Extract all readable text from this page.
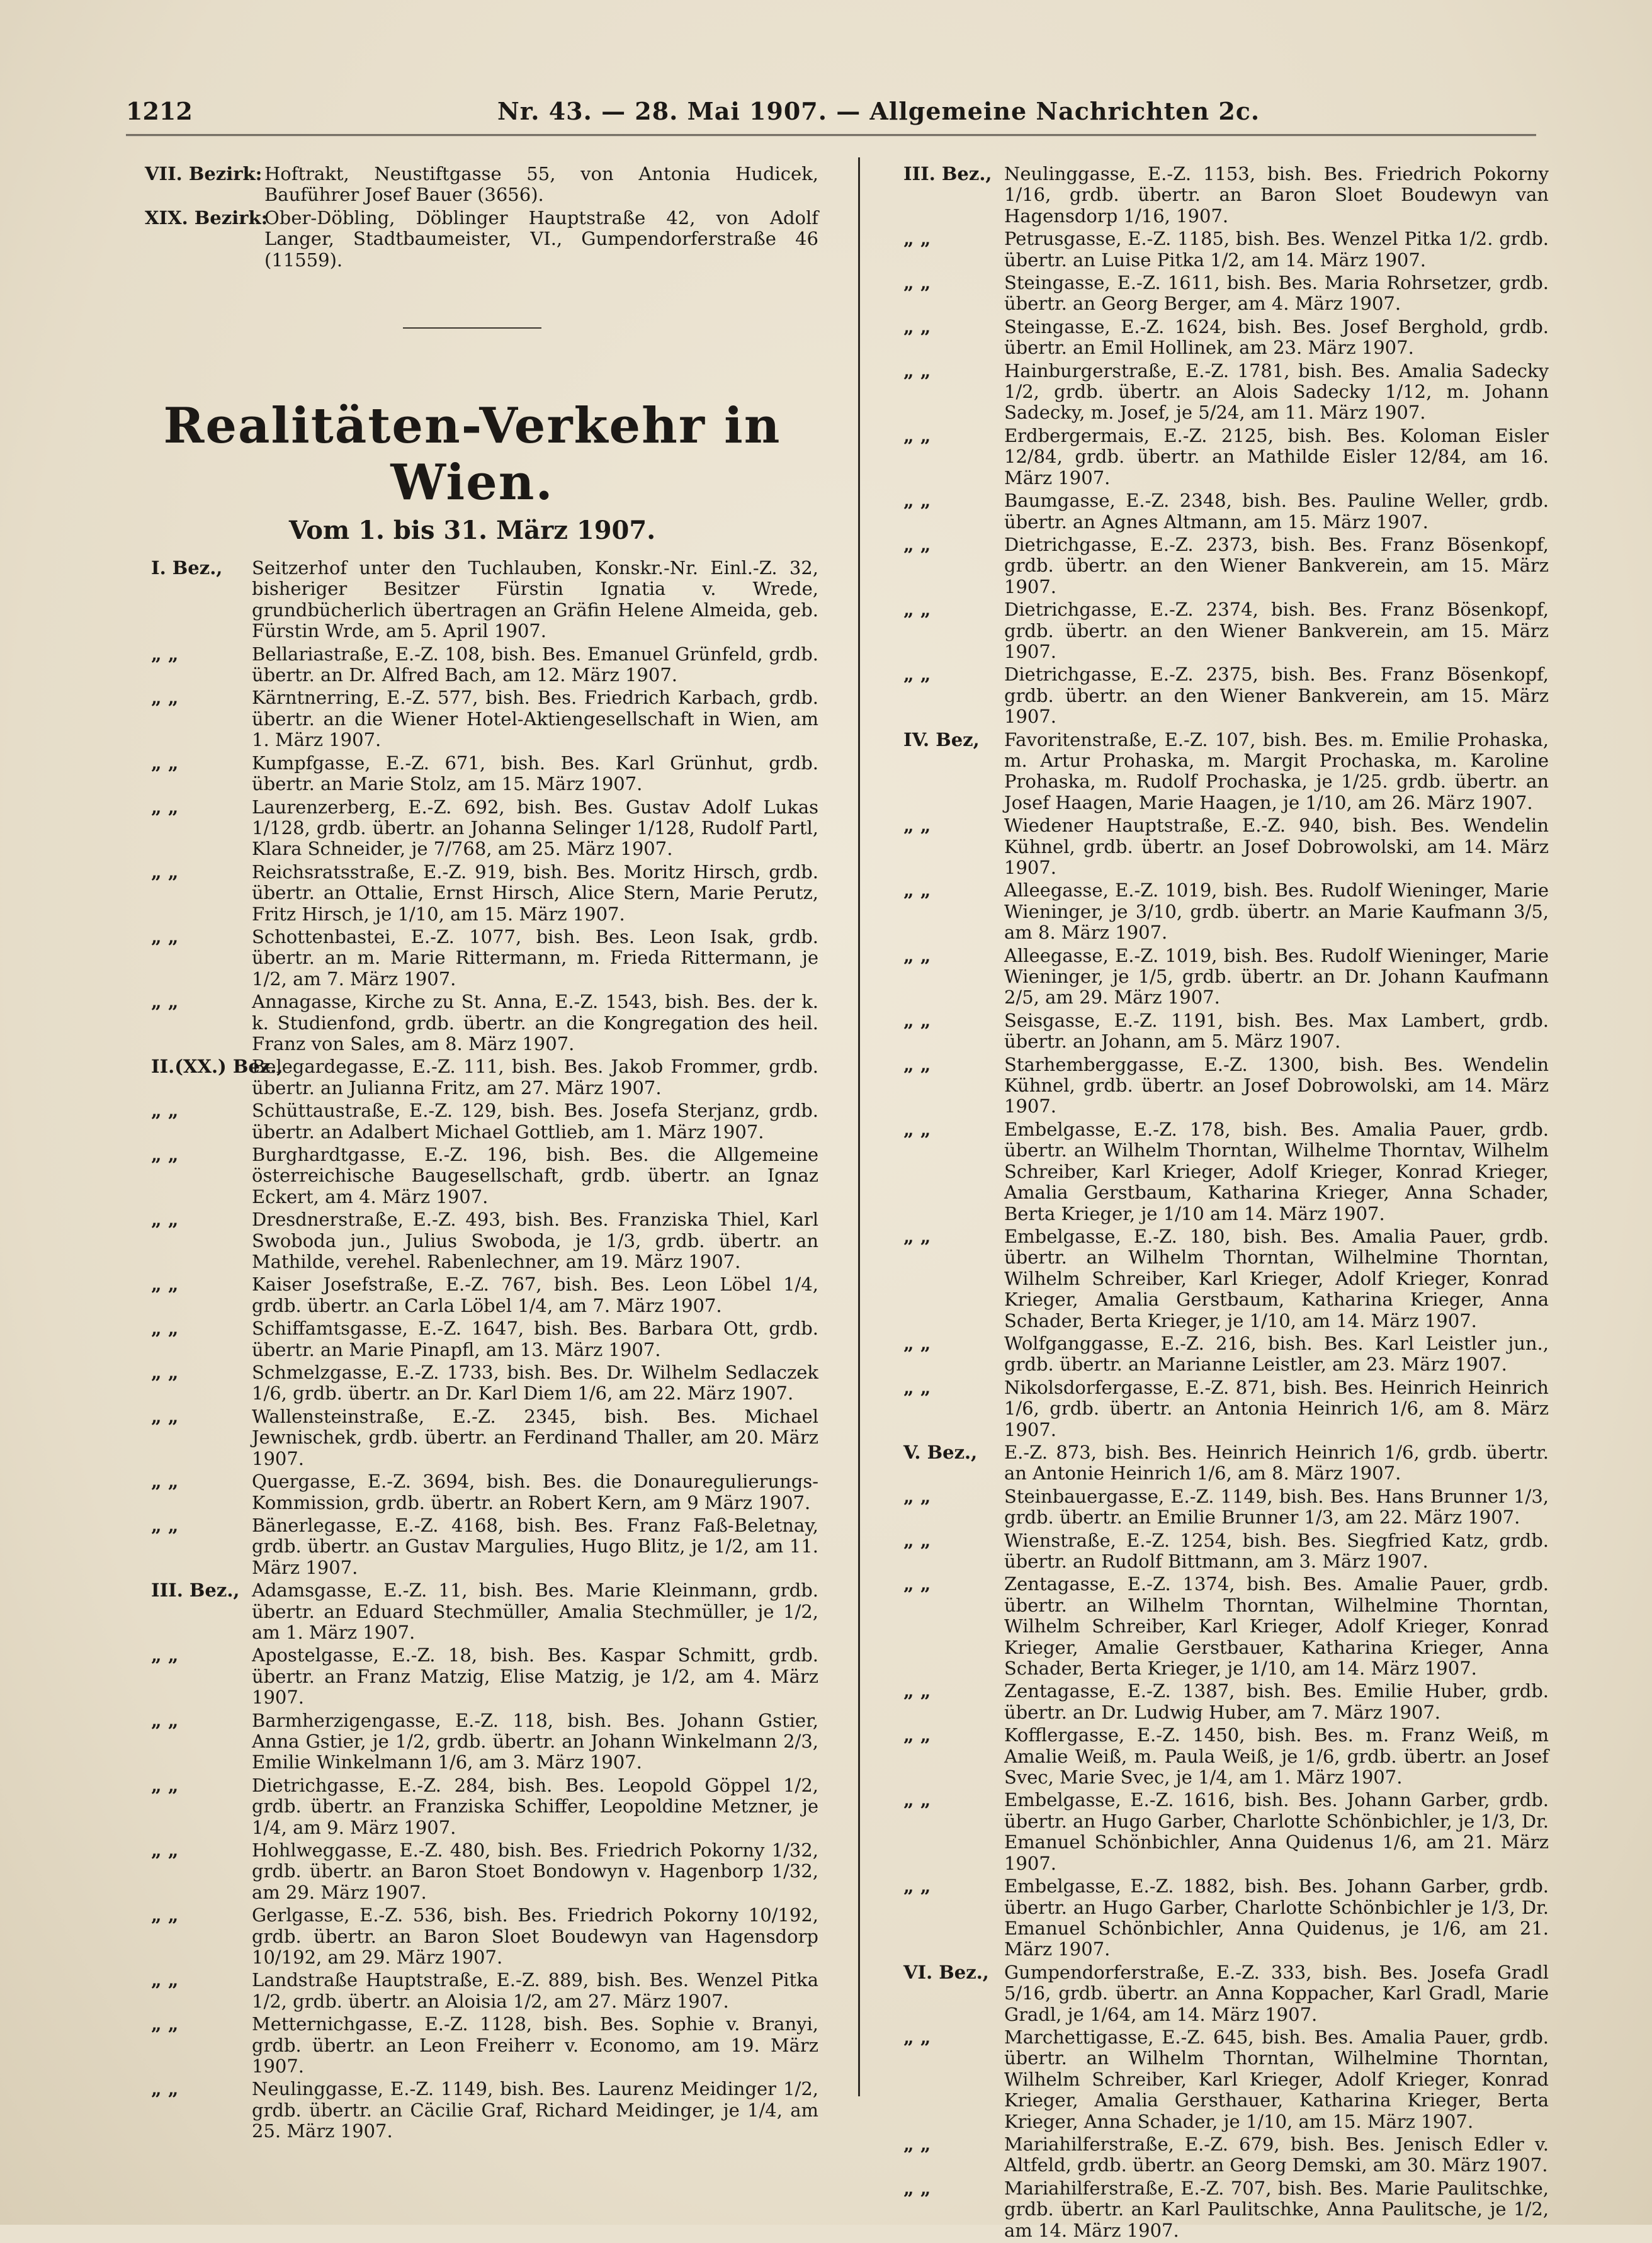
1212	Nr. 43. — 28. Mai 1907. — Allgemeine Nachrichten 2c.
VII. Bezirk: Hoftrakt, Neustiftgasse 55, von Antonia Hudicek, Bauführer Josef Bauer (3656).
XIX. Bezirk:
Ober-Döbling, Döblinger Hauptstraße 42, von Adolf Langer, Stadtbaumeister, VI., Gumpendorferstraße 46 (11559).
Realitäten-Verkehr in Wien.
Vom 1. bis 31. März 1907.
I. Bez., Seitzerhof unter den Tuchlauben, Konskr.-Nr. Einl.-Z. 32, bisheriger Besitzer Fürstin Ignatia v. Wrede, grundbücherlich übertragen an Gräfin Helene Almeida, geb. Fürstin Wrde, am 5. April 1907.
„ „	Bellariastraße, E.-Z. 108, bish. Bes. Emanuel Grünfeld, grdb. übertr. an Dr. Alfred Bach, am 12. März 1907.
„ „	Kärntnerring, E.-Z. 577, bish. Bes. Friedrich Karbach, grdb. übertr. an die Wiener Hotel-Aktiengesellschaft in Wien, am 1. März 1907.
„ „	Kumpfgasse, E.-Z. 671, bish. Bes. Karl Grünhut, grdb. übertr. an Marie Stolz, am 15. März 1907.
„ „	Laurenzerberg, E.-Z. 692, bish. Bes. Gustav Adolf Lukas 1/128, grdb. übertr. an Johanna Selinger 1/128, Rudolf Partl, Klara Schneider, je 7/768, am 25. März 1907.
„ „	Reichsratsstraße, E.-Z. 919, bish. Bes. Moritz Hirsch, grdb. übertr. an Ottalie, Ernst Hirsch, Alice Stern, Marie Perutz, Fritz Hirsch, je 1/10, am 15. März 1907.
„ „	Schottenbastei, E.-Z. 1077, bish. Bes. Leon Isak, grdb. übertr. an m. Marie Rittermann, m. Frieda Rittermann, je 1/2, am 7. März 1907.
„ „	Annagasse, Kirche zu St. Anna, E.-Z. 1543, bish. Bes. der k. k. Studienfond, grdb. übertr. an die Kongregation des heil. Franz von Sales, am 8. März 1907.
II.(XX.) Bez.,
Belegardegasse, E.-Z. 111, bish. Bes. Jakob Frommer, grdb. übertr. an Julianna Fritz, am 27. März 1907.
„ „	Schüttaustraße, E.-Z. 129, bish. Bes. Josefa Sterjanz, grdb. übertr. an Adalbert Michael Gottlieb, am 1. März 1907.
„ „	Burghardtgasse, E.-Z. 196, bish. Bes. die Allgemeine österreichische Baugesellschaft, grdb. übertr. an Ignaz Eckert, am 4. März 1907.
„ „	Dresdnerstraße, E.-Z. 493, bish. Bes. Franziska Thiel, Karl Swoboda jun., Julius Swoboda, je 1/3, grdb. übertr. an Mathilde, verehel. Rabenlechner, am 19. März 1907.
„ „	Kaiser Josefstraße, E.-Z. 767, bish. Bes. Leon Löbel 1/4, grdb. übertr. an Carla Löbel 1/4, am 7. März 1907.
„ „	Schiffamtsgasse, E.-Z. 1647, bish. Bes. Barbara Ott, grdb. übertr. an Marie Pinapfl, am 13. März 1907.
„ „	Schmelzgasse, E.-Z. 1733, bish. Bes. Dr. Wilhelm Sedlaczek 1/6, grdb. übertr. an Dr. Karl Diem 1/6, am 22. März 1907.
„ „	Wallensteinstraße, E.-Z. 2345, bish. Bes. Michael Jewnischek, grdb. übertr. an Ferdinand Thaller, am 20. März 1907.
„ „	Quergasse, E.-Z. 3694, bish. Bes. die Donauregulierungs-Kommission, grdb. übertr. an Robert Kern, am 9 März 1907.
„ „	Bänerlegasse, E.-Z. 4168, bish. Bes. Franz Faß-Beletnay, grdb. übertr. an Gustav Margulies, Hugo Blitz, je 1/2, am 11. März 1907.
III. Bez., Adamsgasse, E.-Z. 11, bish. Bes. Marie Kleinmann, grdb. übertr. an Eduard Stechmüller, Amalia Stechmüller, je 1/2, am 1. März 1907.
„ „	Apostelgasse, E.-Z. 18, bish. Bes. Kaspar Schmitt, grdb. übertr. an Franz Matzig, Elise Matzig, je 1/2, am 4. März 1907.
„ „	Barmherzigengasse, E.-Z. 118, bish. Bes. Johann Gstier, Anna Gstier, je 1/2, grdb. übertr. an Johann Winkelmann 2/3, Emilie Winkelmann 1/6, am 3. März 1907.
„ „	Dietrichgasse, E.-Z. 284, bish. Bes. Leopold Göppel 1/2, grdb. übertr. an Franziska Schiffer, Leopoldine Metzner, je 1/4, am 9. März 1907.
„ „	Hohlweggasse, E.-Z. 480, bish. Bes. Friedrich Pokorny 1/32, grdb. übertr. an Baron Stoet Bondowyn v. Hagenborp 1/32, am 29. März 1907.
„ „	Gerlgasse, E.-Z. 536, bish. Bes. Friedrich Pokorny 10/192, grdb. übertr. an Baron Sloet Boudewyn van Hagensdorp 10/192, am 29. März 1907.
„ „	Landstraße Hauptstraße, E.-Z. 889, bish. Bes. Wenzel Pitka 1/2, grdb. übertr. an Aloisia 1/2, am 27. März 1907.
„ „	Metternichgasse, E.-Z. 1128, bish. Bes. Sophie v. Branyi, grdb. übertr. an Leon Freiherr v. Economo, am 19. März 1907.
„ „	Neulinggasse, E.-Z. 1149, bish. Bes. Laurenz Meidinger 1/2, grdb. übertr. an Cäcilie Graf, Richard Meidinger, je 1/4, am 25. März 1907.
III. Bez., Neulinggasse, E.-Z. 1153, bish. Bes. Friedrich Pokorny 1/16, grdb. übertr. an Baron Sloet Boudewyn van Hagensdorp 1/16, 1907.
„ „	Petrusgasse, E.-Z. 1185, bish. Bes. Wenzel Pitka 1/2. grdb. übertr. an Luise Pitka 1/2, am 14. März 1907.
„ „	Steingasse, E.-Z. 1611, bish. Bes. Maria Rohrsetzer, grdb. übertr. an Georg Berger, am 4. März 1907.
„ „	Steingasse, E.-Z. 1624, bish. Bes. Josef Berghold, grdb. übertr. an Emil Hollinek, am 23. März 1907.
„ „	Hainburgerstraße, E.-Z. 1781, bish. Bes. Amalia Sadecky 1/2, grdb. übertr. an Alois Sadecky 1/12, m. Johann Sadecky, m. Josef, je 5/24, am 11. März 1907.
„ „	Erdbergermais, E.-Z. 2125, bish. Bes. Koloman Eisler 12/84, grdb. übertr. an Mathilde Eisler 12/84, am 16. März 1907.
„ „	Baumgasse, E.-Z. 2348, bish. Bes. Pauline Weller, grdb. übertr. an Agnes Altmann, am 15. März 1907.
„ „	Dietrichgasse, E.-Z. 2373, bish. Bes. Franz Bösenkopf, grdb. übertr. an den Wiener Bankverein, am 15. März 1907.
„ „	Dietrichgasse, E.-Z. 2374, bish. Bes. Franz Bösenkopf, grdb. übertr. an den Wiener Bankverein, am 15. März 1907.
„ „	Dietrichgasse, E.-Z. 2375, bish. Bes. Franz Bösenkopf, grdb. übertr. an den Wiener Bankverein, am 15. März 1907.
IV. Bez, Favoritenstraße, E.-Z. 107, bish. Bes. m. Emilie Prohaska, m. Artur Prohaska, m. Margit Prochaska, m. Karoline Prohaska, m. Rudolf Prochaska, je 1/25. grdb. übertr. an Josef Haagen, Marie Haagen, je 1/10, am 26. März 1907.
„ „	Wiedener Hauptstraße, E.-Z. 940, bish. Bes. Wendelin Kühnel, grdb. übertr. an Josef Dobrowolski, am 14. März 1907.
„ „	Alleegasse, E.-Z. 1019, bish. Bes. Rudolf Wieninger, Marie Wieninger, je 3/10, grdb. übertr. an Marie Kaufmann 3/5, am 8. März 1907.
„ „	Alleegasse, E.-Z. 1019, bish. Bes. Rudolf Wieninger, Marie Wieninger, je 1/5, grdb. übertr. an Dr. Johann Kaufmann 2/5, am 29. März 1907.
„ „	Seisgasse, E.-Z. 1191, bish. Bes. Max Lambert, grdb. übertr. an Johann, am 5. März 1907.
„ „	Starhemberggasse, E.-Z. 1300, bish. Bes. Wendelin Kühnel, grdb. übertr. an Josef Dobrowolski, am 14. März 1907.
„ „	Embelgasse, E.-Z. 178, bish. Bes. Amalia Pauer, grdb. übertr. an Wilhelm Thorntan, Wilhelme Thorntav, Wilhelm Schreiber, Karl Krieger, Adolf Krieger, Konrad Krieger, Amalia Gerstbaum, Katharina Krieger, Anna Schader, Berta Krieger, je 1/10 am 14. März 1907.
„ „	Embelgasse, E.-Z. 180, bish. Bes. Amalia Pauer, grdb. übertr. an Wilhelm Thorntan, Wilhelmine Thorntan, Wilhelm Schreiber, Karl Krieger, Adolf Krieger, Konrad Krieger, Amalia Gerstbaum, Katharina Krieger, Anna Schader, Berta Krieger, je 1/10, am 14. März 1907.
„ „	Wolfganggasse, E.-Z. 216, bish. Bes. Karl Leistler jun., grdb. übertr. an Marianne Leistler, am 23. März 1907.
„ „	Nikolsdorfergasse, E.-Z. 871, bish. Bes. Heinrich Heinrich 1/6, grdb. übertr. an Antonia Heinrich 1/6, am 8. März 1907.
V. Bez., E.-Z. 873, bish. Bes. Heinrich Heinrich 1/6, grdb. übertr. an Antonie Heinrich 1/6, am 8. März 1907.
„ „	Steinbauergasse, E.-Z. 1149, bish. Bes. Hans Brunner 1/3, grdb. übertr. an Emilie Brunner 1/3, am 22. März 1907.
„ „	Wienstraße, E.-Z. 1254, bish. Bes. Siegfried Katz, grdb. übertr. an Rudolf Bittmann, am 3. März 1907.
„ „	Zentagasse, E.-Z. 1374, bish. Bes. Amalie Pauer, grdb. übertr. an Wilhelm Thorntan, Wilhelmine Thorntan, Wilhelm Schreiber, Karl Krieger, Adolf Krieger, Konrad Krieger, Amalie Gerstbauer, Katharina Krieger, Anna Schader, Berta Krieger, je 1/10, am 14. März 1907.
„ „	Zentagasse, E.-Z. 1387, bish. Bes. Emilie Huber, grdb. übertr. an Dr. Ludwig Huber, am 7. März 1907.
„ „	Kofflergasse, E.-Z. 1450, bish. Bes. m. Franz Weiß, m Amalie Weiß, m. Paula Weiß, je 1/6, grdb. übertr. an Josef Svec, Marie Svec, je 1/4, am 1. März 1907.
„ „	Embelgasse, E.-Z. 1616, bish. Bes. Johann Garber, grdb. übertr. an Hugo Garber, Charlotte Schönbichler, je 1/3, Dr. Emanuel Schönbichler, Anna Quidenus 1/6, am 21. März 1907.
„ „	Embelgasse, E.-Z. 1882, bish. Bes. Johann Garber, grdb. übertr. an Hugo Garber, Charlotte Schönbichler je 1/3, Dr. Emanuel Schönbichler, Anna Quidenus, je 1/6, am 21. März 1907.
VI. Bez., Gumpendorferstraße, E.-Z. 333, bish. Bes. Josefa Gradl 5/16, grdb. übertr. an Anna Koppacher, Karl Gradl, Marie Gradl, je 1/64, am 14. März 1907.
„ „	Marchettigasse, E.-Z. 645, bish. Bes. Amalia Pauer, grdb. übertr. an Wilhelm Thorntan, Wilhelmine Thorntan, Wilhelm Schreiber, Karl Krieger, Adolf Krieger, Konrad Krieger, Amalia Gersthauer, Katharina Krieger, Berta Krieger, Anna Schader, je 1/10, am 15. März 1907.
„ „	Mariahilferstraße, E.-Z. 679, bish. Bes. Jenisch Edler v. Altfeld, grdb. übertr. an Georg Demski, am 30. März 1907.
„ „	Mariahilferstraße, E.-Z. 707, bish. Bes. Marie Paulitschke, grdb. übertr. an Karl Paulitschke, Anna Paulitsche, je 1/2, am 14. März 1907.
